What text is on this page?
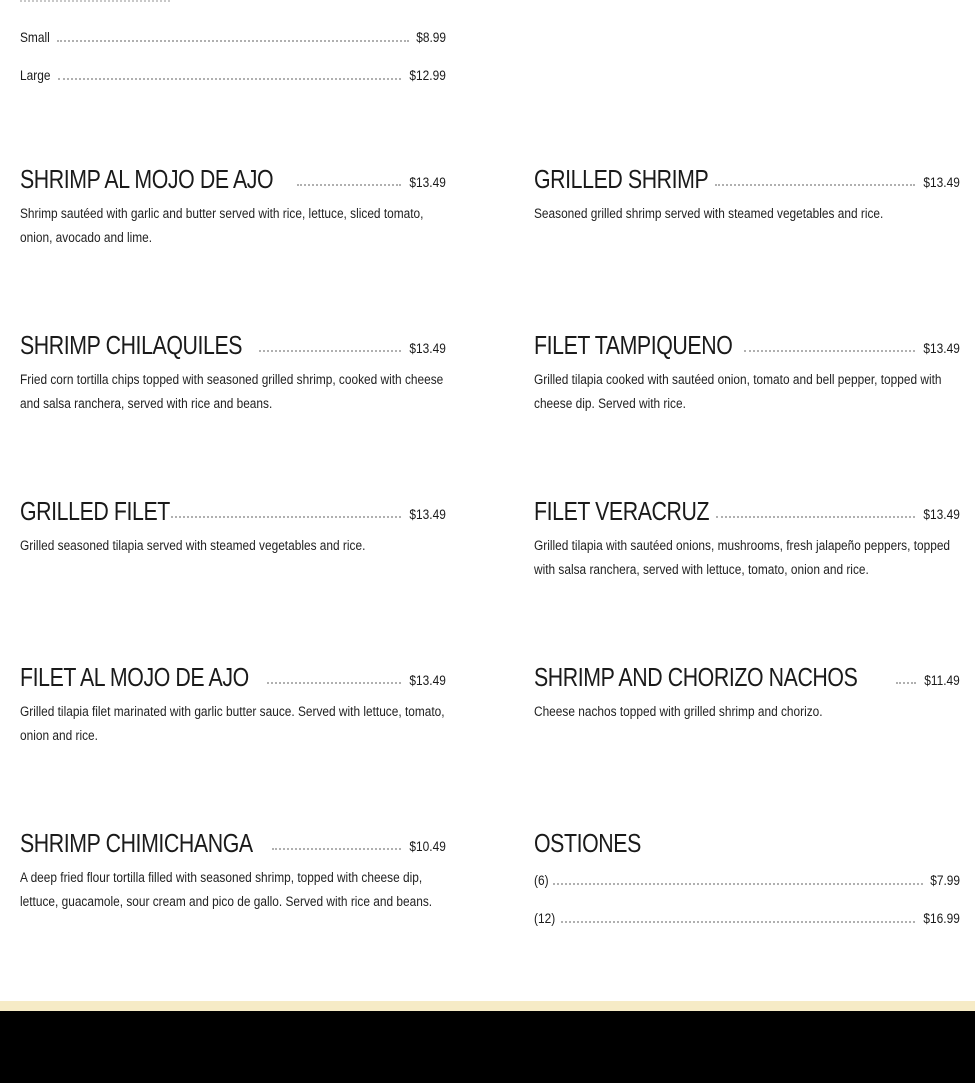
Small	$8.99
Large	$12.99
SHRIMP AL MOJO DE AJO	$13.49
Shrimp sautéed with garlic and butter served with rice, lettuce, sliced tomato, onion, avocado and lime.
SHRIMP CHILAQUILES	$13.49
Fried corn tortilla chips topped with seasoned grilled shrimp, cooked with cheese and salsa ranchera, served with rice and beans.
GRILLED FILET	$13.49
Grilled seasoned tilapia served with steamed vegetables and rice.
FILET AL MOJO DE AJO	$13.49
Grilled tilapia filet marinated with garlic butter sauce. Served with lettuce, tomato, onion and rice.
SHRIMP CHIMICHANGA	$10.49
A deep fried flour tortilla filled with seasoned shrimp, topped with cheese dip, lettuce, guacamole, sour cream and pico de gallo. Served with rice and beans.
GRILLED SHRIMP	$13.49
Seasoned grilled shrimp served with steamed vegetables and rice.
FILET TAMPIQUENO	$13.49
Grilled tilapia cooked with sautéed onion, tomato and bell pepper, topped with cheese dip. Served with rice.
FILET VERACRUZ	$13.49
Grilled tilapia with sautéed onions, mushrooms, fresh jalapeño peppers, topped with salsa ranchera, served with lettuce, tomato, onion and rice.
SHRIMP AND CHORIZO NACHOS	$11.49
Cheese nachos topped with grilled shrimp and chorizo.
OSTIONES
(6)	$7.99
(12)	$16.99
